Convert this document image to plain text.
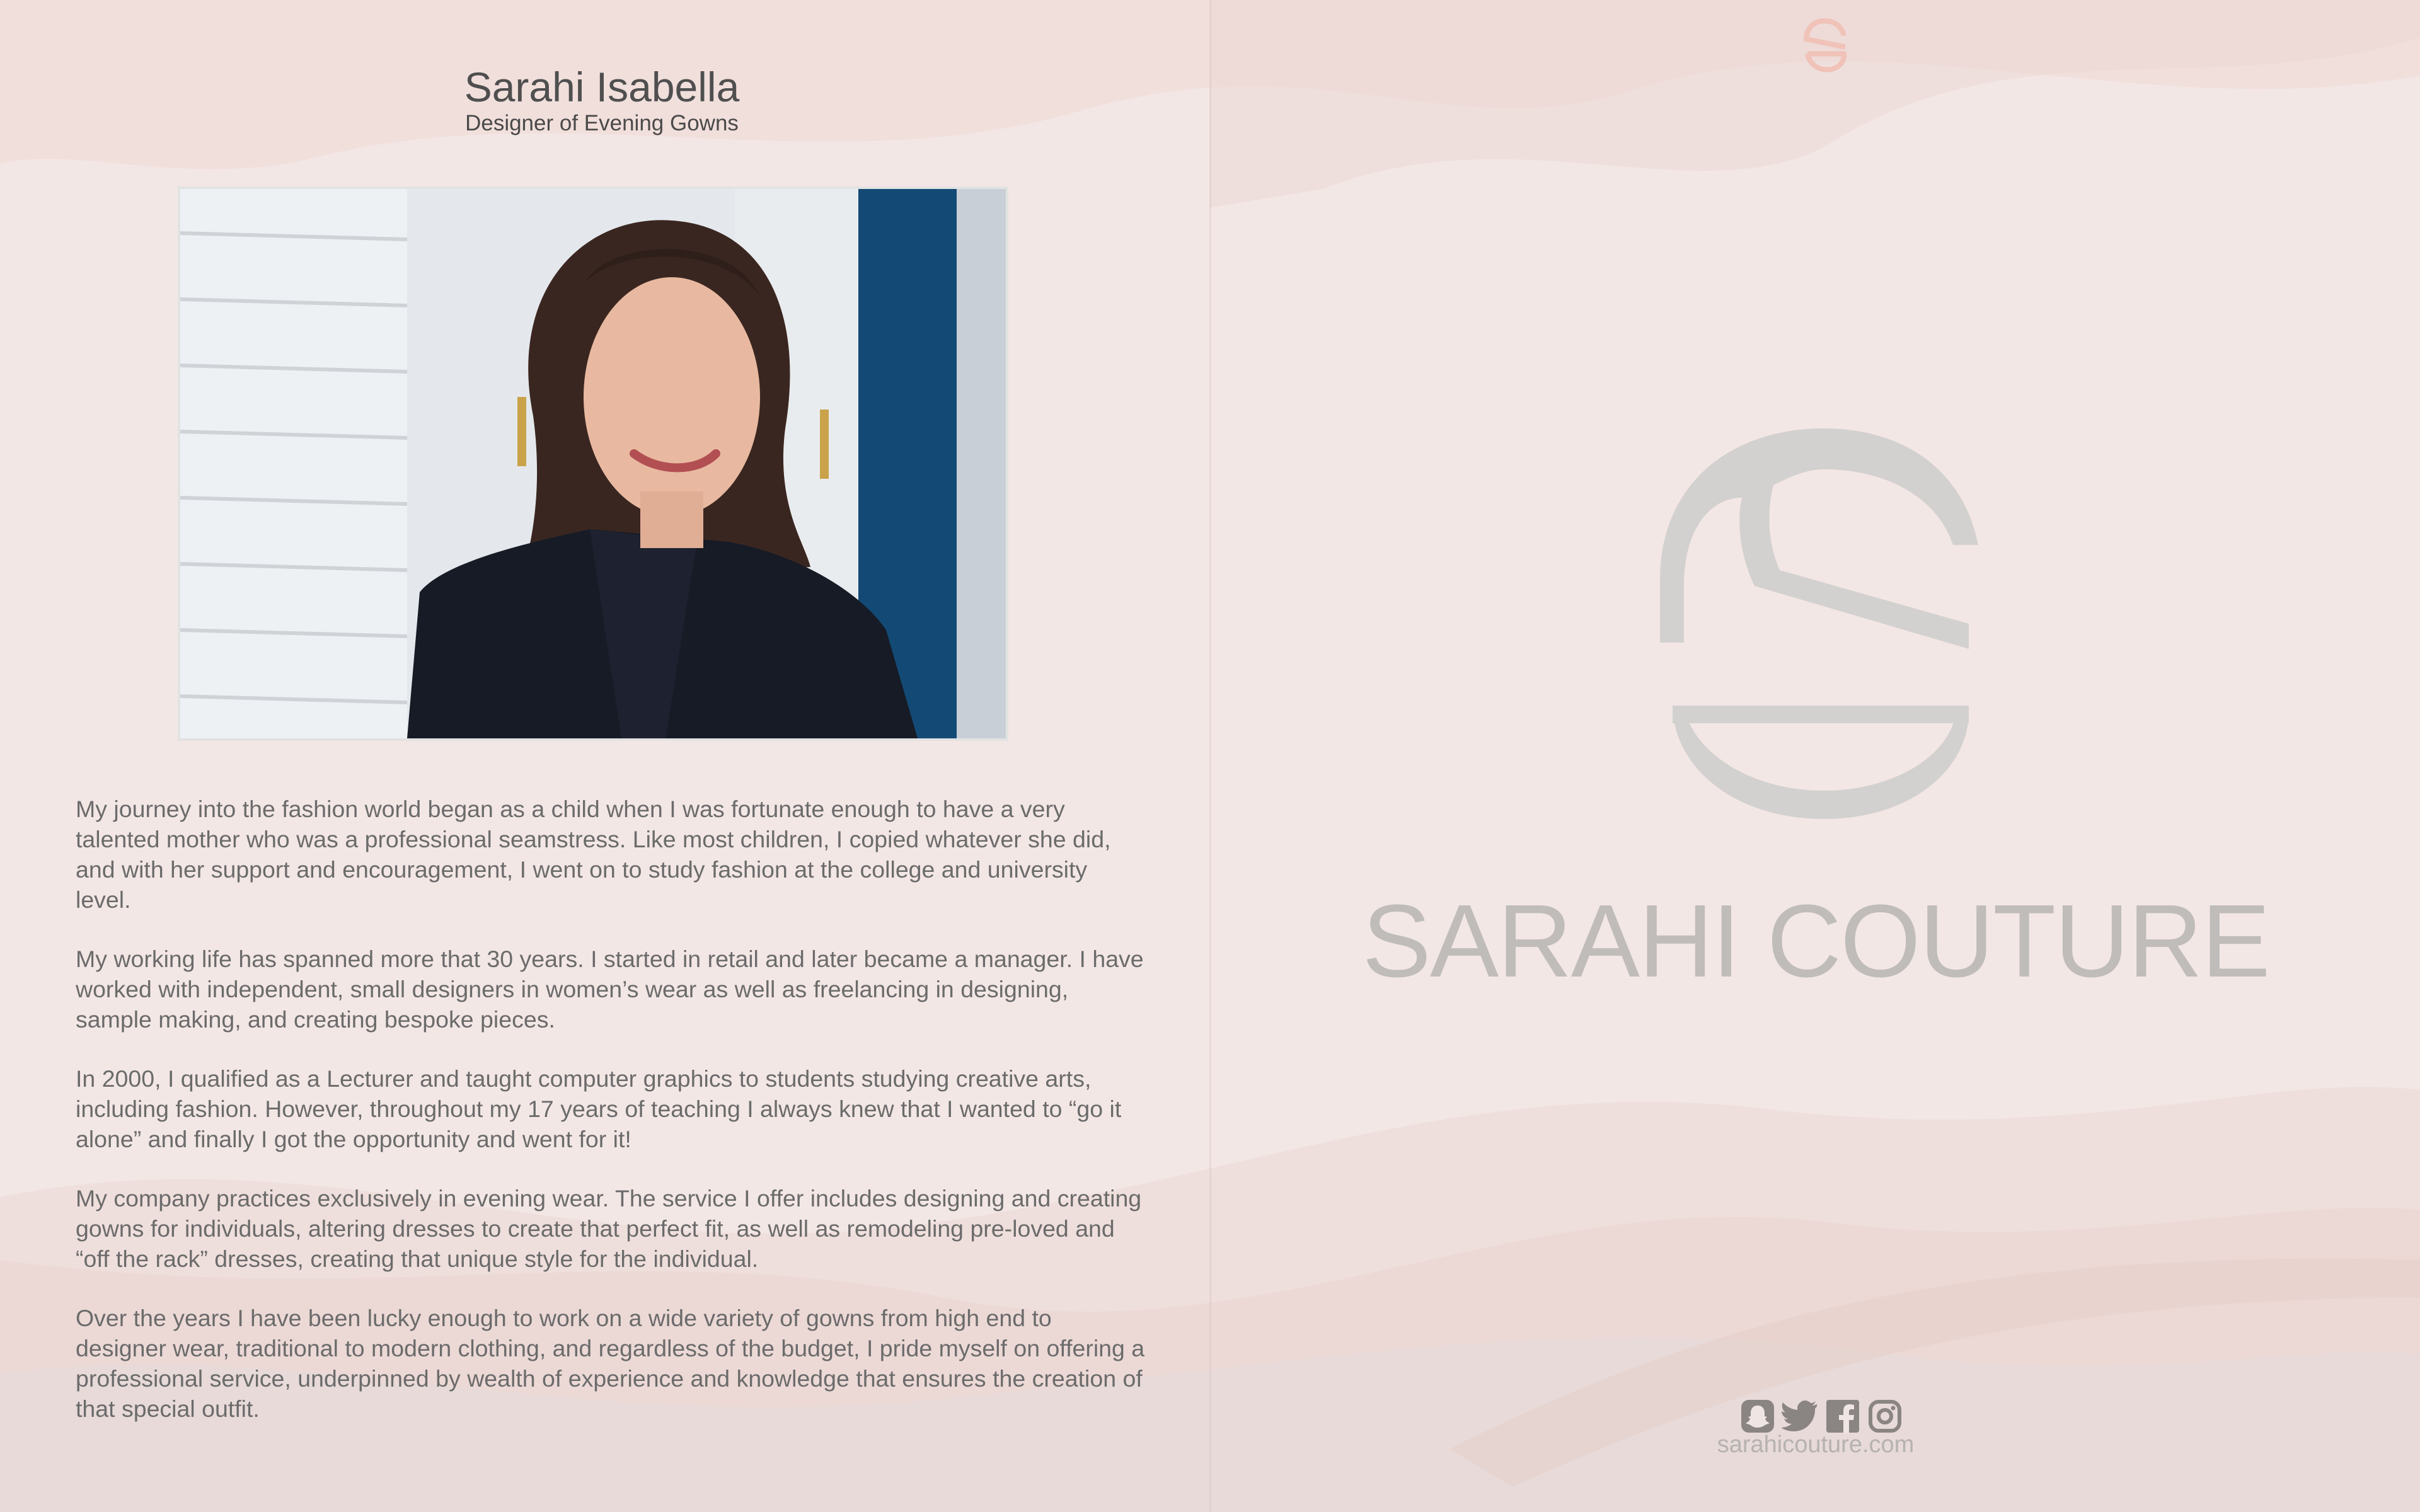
Sarahi Isabella
Designer of Evening Gowns

My journey into the fashion world began as a child when I was fortunate enough to have a very talented mother who was a professional seamstress. Like most children, I copied whatever she did, and with her support and encouragement, I went on to study fashion at the college and university level.

My working life has spanned more that 30 years. I started in retail and later became a manager. I have worked with independent, small designers in women’s wear as well as freelancing in designing, sample making, and creating bespoke pieces.

In 2000, I qualified as a Lecturer and taught computer graphics to students studying creative arts, including fashion. However, throughout my 17 years of teaching I always knew that I wanted to “go it alone” and finally I got the opportunity and went for it!

My company practices exclusively in evening wear. The service I offer includes designing and creating gowns for individuals, altering dresses to create that perfect fit, as well as remodeling pre-loved and “off the rack” dresses, creating that unique style for the individual.

Over the years I have been lucky enough to work on a wide variety of gowns from high end to designer wear, traditional to modern clothing, and regardless of the budget, I pride myself on offering a professional service, underpinned by wealth of experience and knowledge that ensures the creation of that special outfit.

SARAHI COUTURE
sarahicouture.com
